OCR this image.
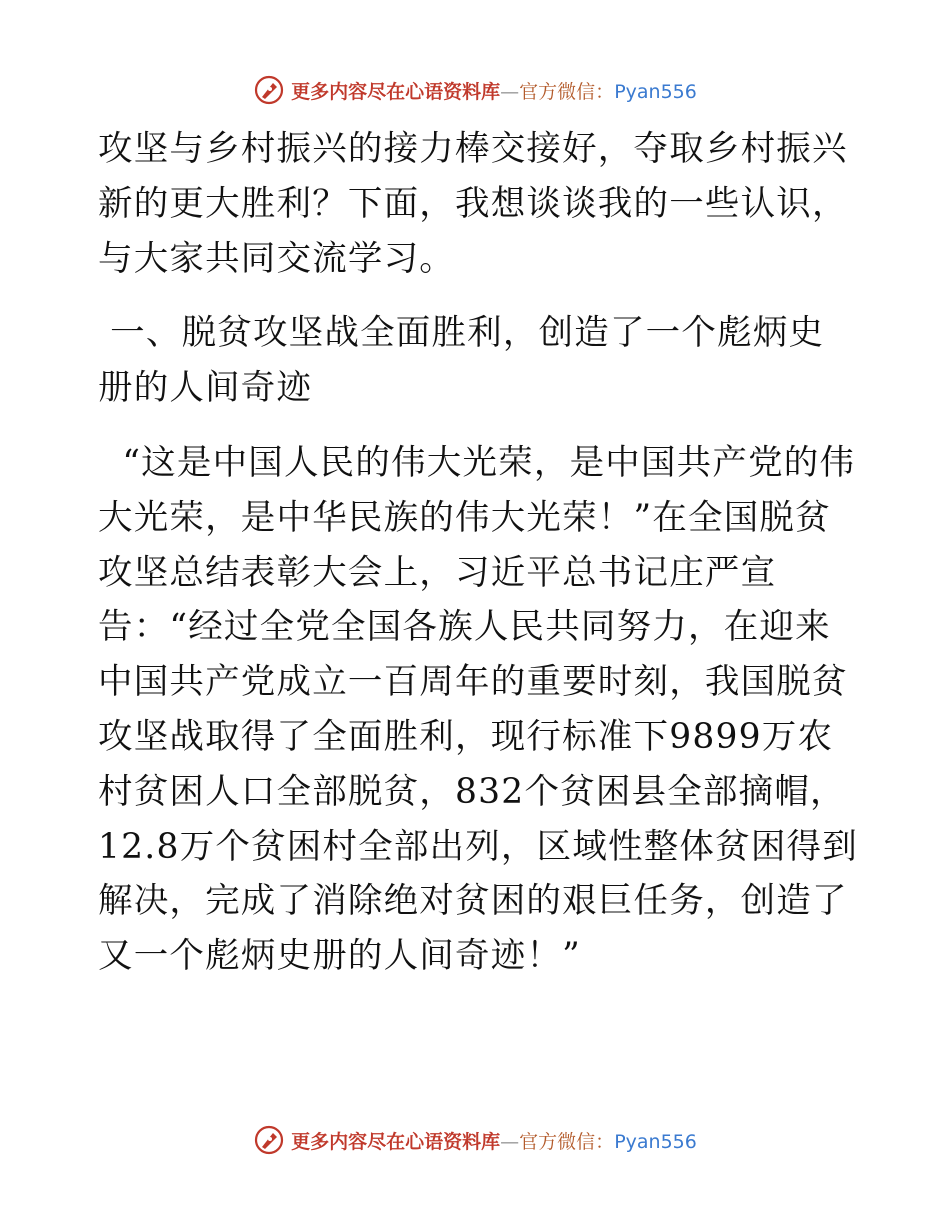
更多内容尽在心语资料库—官方微信：Pyan556

攻坚与乡村振兴的接力棒交接好，夺取乡村振兴新的更大胜利？下面，我想谈谈我的一些认识，与大家共同交流学习。

一、脱贫攻坚战全面胜利，创造了一个彪炳史册的人间奇迹

“这是中国人民的伟大光荣，是中国共产党的伟大光荣，是中华民族的伟大光荣！”在全国脱贫攻坚总结表彰大会上，习近平总书记庄严宣告：“经过全党全国各族人民共同努力，在迎来中国共产党成立一百周年的重要时刻，我国脱贫攻坚战取得了全面胜利，现行标准下9899万农村贫困人口全部脱贫，832个贫困县全部摘帽，12.8万个贫困村全部出列，区域性整体贫困得到解决，完成了消除绝对贫困的艰巨任务，创造了又一个彪炳史册的人间奇迹！”

更多内容尽在心语资料库—官方微信：Pyan556
